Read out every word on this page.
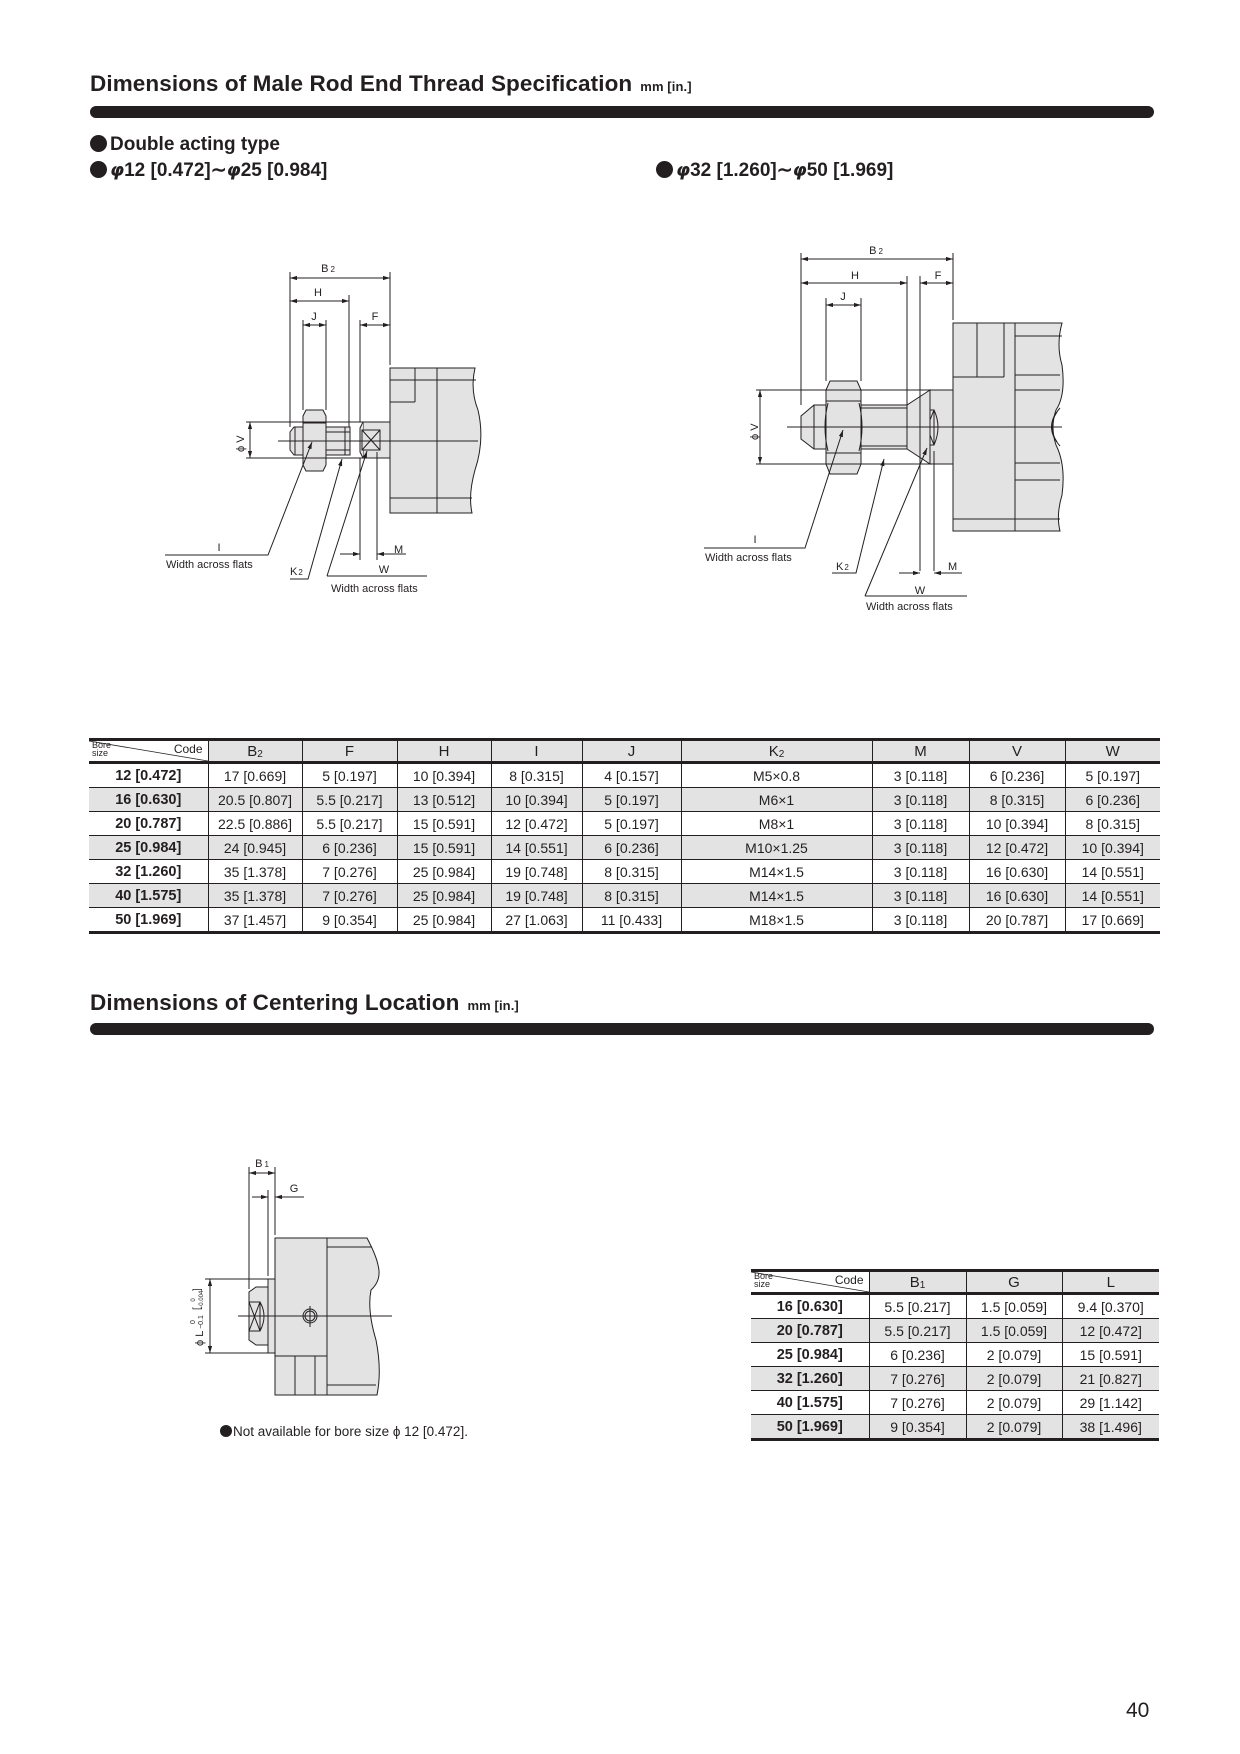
Dimensions of Male Rod End Thread Specification mm [in.]
Double acting type
φ12 [0.472]∼φ25 [0.984]	φ32 [1.260]∼φ50 [1.969]
B 2
H
J	F
ϕ V
I
Width across flats
K2
M
W
Width across flats
B 2
H	F
J
ϕ V
I
Width across flats
K2	M
W
Width across flats
Code
Bore
size	$B_2$	F	H	I	J	$K_2$	M	V	W
12 [0.472]	17 [0.669]	5 [0.197]	10 [0.394]	8 [0.315]	4 [0.157]	M5×0.8	3 [0.118]	6 [0.236]	5 [0.197]
16 [0.630]	20.5 [0.807]	5.5 [0.217]	13 [0.512]	10 [0.394]	5 [0.197]	M6×1	3 [0.118]	8 [0.315]	6 [0.236]
20 [0.787]	22.5 [0.886]	5.5 [0.217]	15 [0.591]	12 [0.472]	5 [0.197]	M8×1	3 [0.118]	10 [0.394]	8 [0.315]
25 [0.984]	24 [0.945]	6 [0.236]	15 [0.591]	14 [0.551]	6 [0.236]	M10×1.25	3 [0.118]	12 [0.472]	10 [0.394]
32 [1.260]	35 [1.378]	7 [0.276]	25 [0.984]	19 [0.748]	8 [0.315]	M14×1.5	3 [0.118]	16 [0.630]	14 [0.551]
40 [1.575]	35 [1.378]	7 [0.276]	25 [0.984]	19 [0.748]	8 [0.315]	M14×1.5	3 [0.118]	16 [0.630]	14 [0.551]
50 [1.969]	37 [1.457]	9 [0.354]	25 [0.984]	27 [1.063]	11 [0.433]	M18×1.5	3 [0.118]	20 [0.787]	17 [0.669]
Dimensions of Centering Location mm [in.]
B 1
G
ϕ L
0 −0.1
[
0 −0.004
]
Not available for bore size ϕ 12 [0.472].
Code
Bore
size	$B_1$	G	L
16 [0.630]	5.5 [0.217]	1.5 [0.059]	9.4 [0.370]
20 [0.787]	5.5 [0.217]	1.5 [0.059]	12 [0.472]
25 [0.984]	6 [0.236]	2 [0.079]	15 [0.591]
32 [1.260]	7 [0.276]	2 [0.079]	21 [0.827]
40 [1.575]	7 [0.276]	2 [0.079]	29 [1.142]
50 [1.969]	9 [0.354]	2 [0.079]	38 [1.496]
40
